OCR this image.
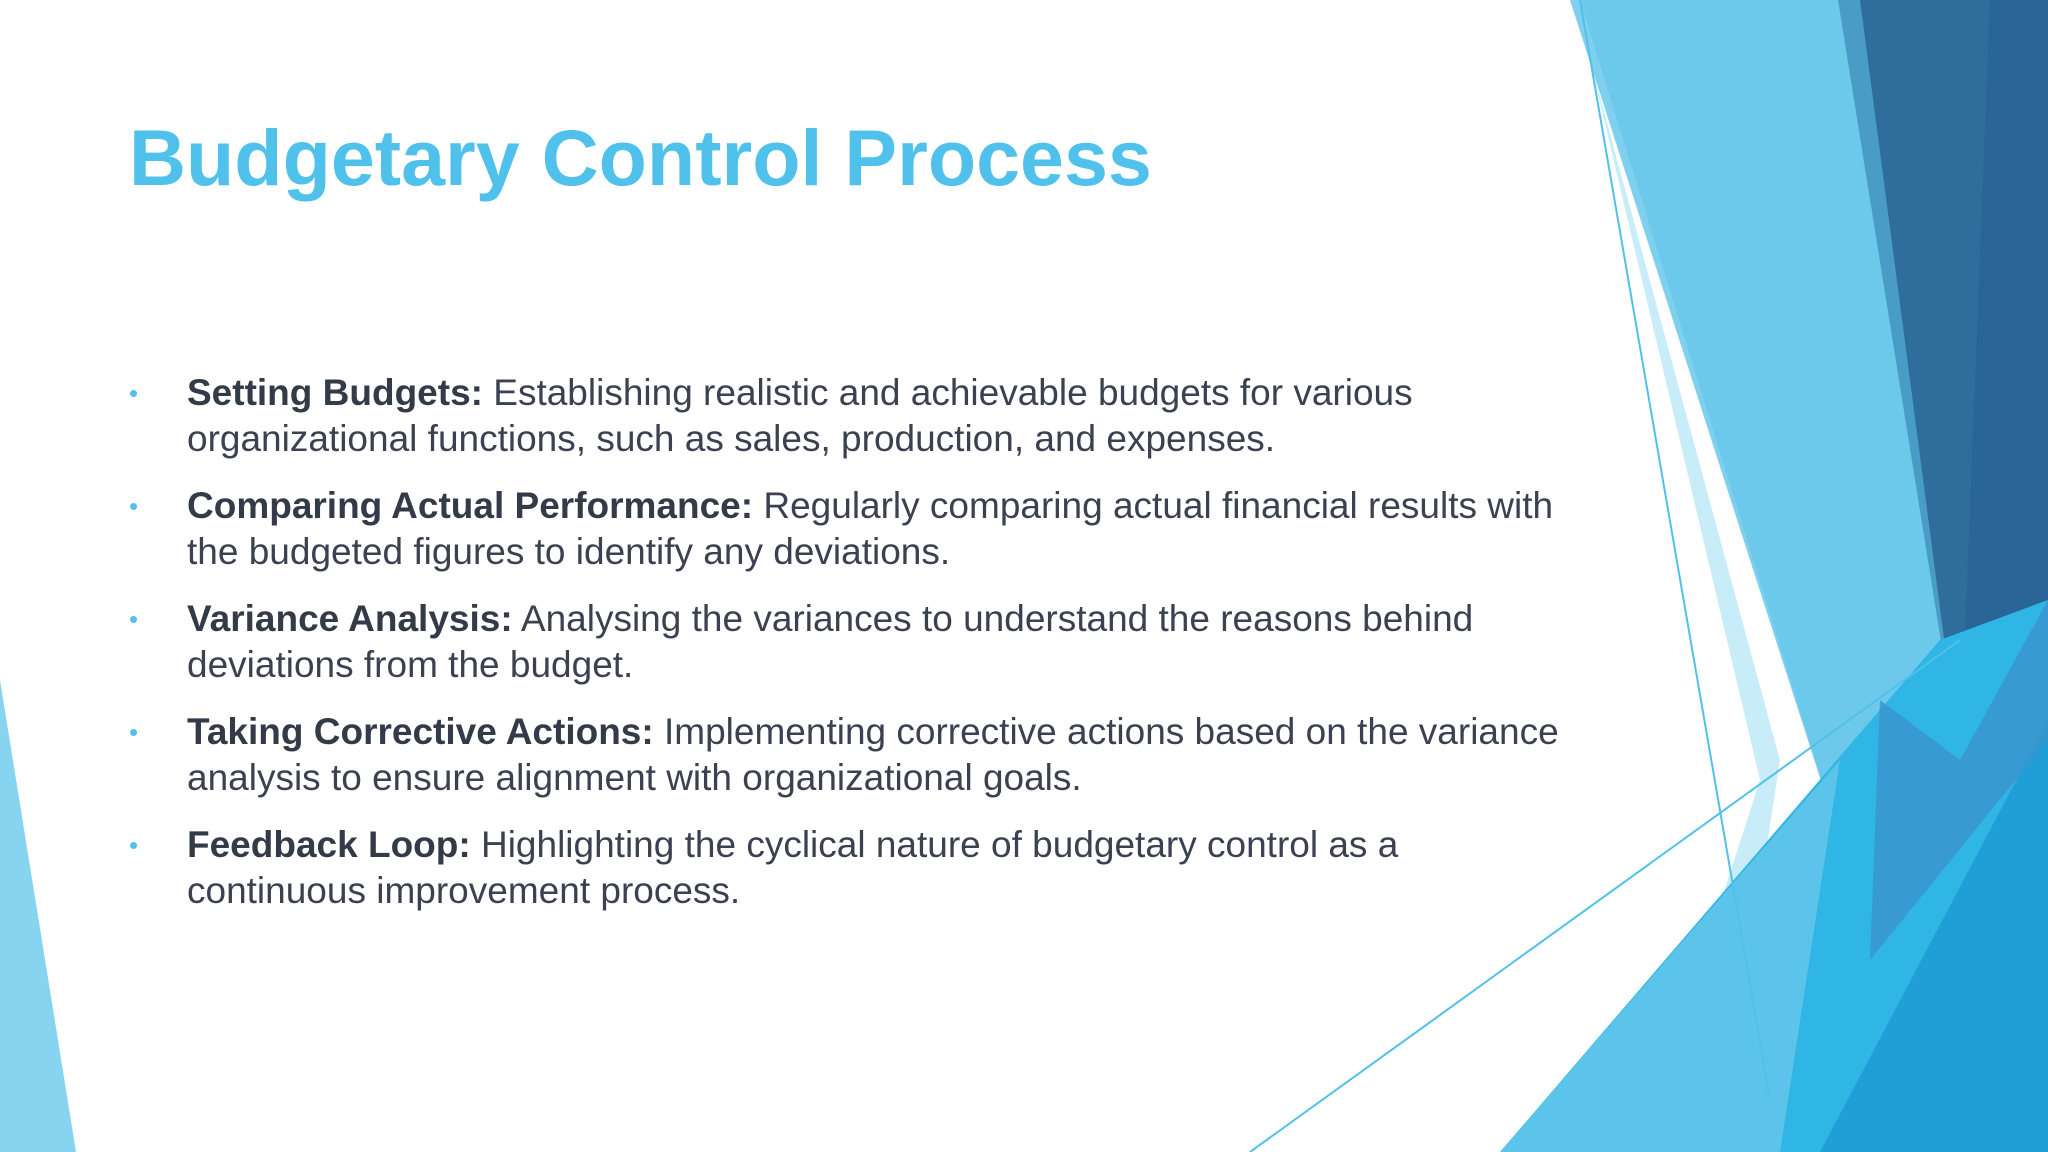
Budgetary Control Process
• Setting Budgets: Establishing realistic and achievable budgets for various organizational functions, such as sales, production, and expenses.
• Comparing Actual Performance: Regularly comparing actual financial results with the budgeted figures to identify any deviations.
• Variance Analysis: Analysing the variances to understand the reasons behind deviations from the budget.
• Taking Corrective Actions: Implementing corrective actions based on the variance analysis to ensure alignment with organizational goals.
• Feedback Loop: Highlighting the cyclical nature of budgetary control as a continuous improvement process.
